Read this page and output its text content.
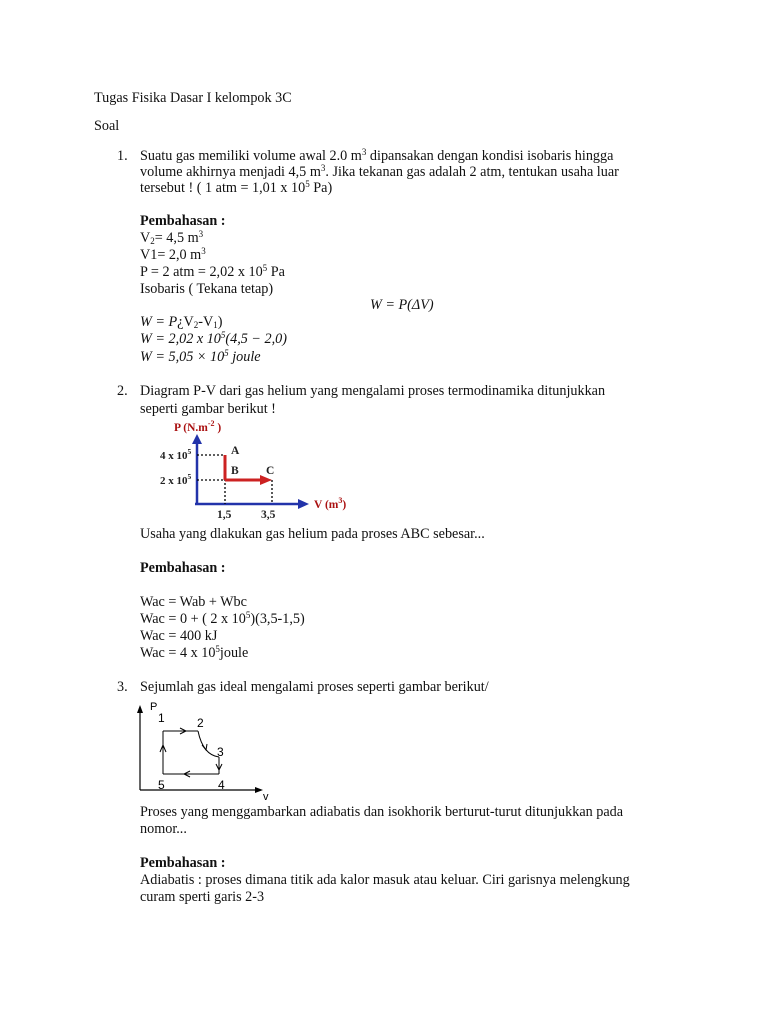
Tugas Fisika Dasar I kelompok 3C
Soal
1. Suatu gas memiliki volume awal 2.0 $m^3$ dipansakan dengan kondisi isobaris hingga
volume akhirnya menjadi 4,5 $m^3$. Jika tekanan gas adalah 2 atm, tentukan usaha luar
tersebut ! ( 1 atm = 1,01 x $10^5$ Pa)
Pembahasan :
$V_2= 4,5$ $m^3$
V1= 2,0 $m^3$
P = 2 atm = 2,02 x $10^5$ Pa
Isobaris ( Tekana tetap)
W = P(ΔV)
$W = P¿V_2-V_1$)
W = 2,02 x $10^5(4,5 - 2,0)$
$W = 5,05 \times 10^5$ joule
2. Diagram P-V dari gas helium yang mengalami proses termodinamika ditunjukkan
seperti gambar berikut !
P ($N.m^{-2}$ )
4 x $10^5$
2 x $10^5$
A
B C
1,5	3,5
V $(m^3)$
Usaha yang dlakukan gas helium pada proses ABC sebesar...
Pembahasan :
Wac = Wab + Wbc
Wac = 0 + ( 2 x $10^5)(3,5-1,5)$
Wac = 400 kJ
Wac = 4 x $10^5joule$
3. Sejumlah gas ideal mengalami proses seperti gambar berikut/
P
v
1	2
3
4
5
Proses yang menggambarkan adiabatis dan isokhorik berturut-turut ditunjukkan pada
nomor...
Pembahasan :
Adiabatis : proses dimana titik ada kalor masuk atau keluar. Ciri garisnya melengkung
curam sperti garis 2-3
